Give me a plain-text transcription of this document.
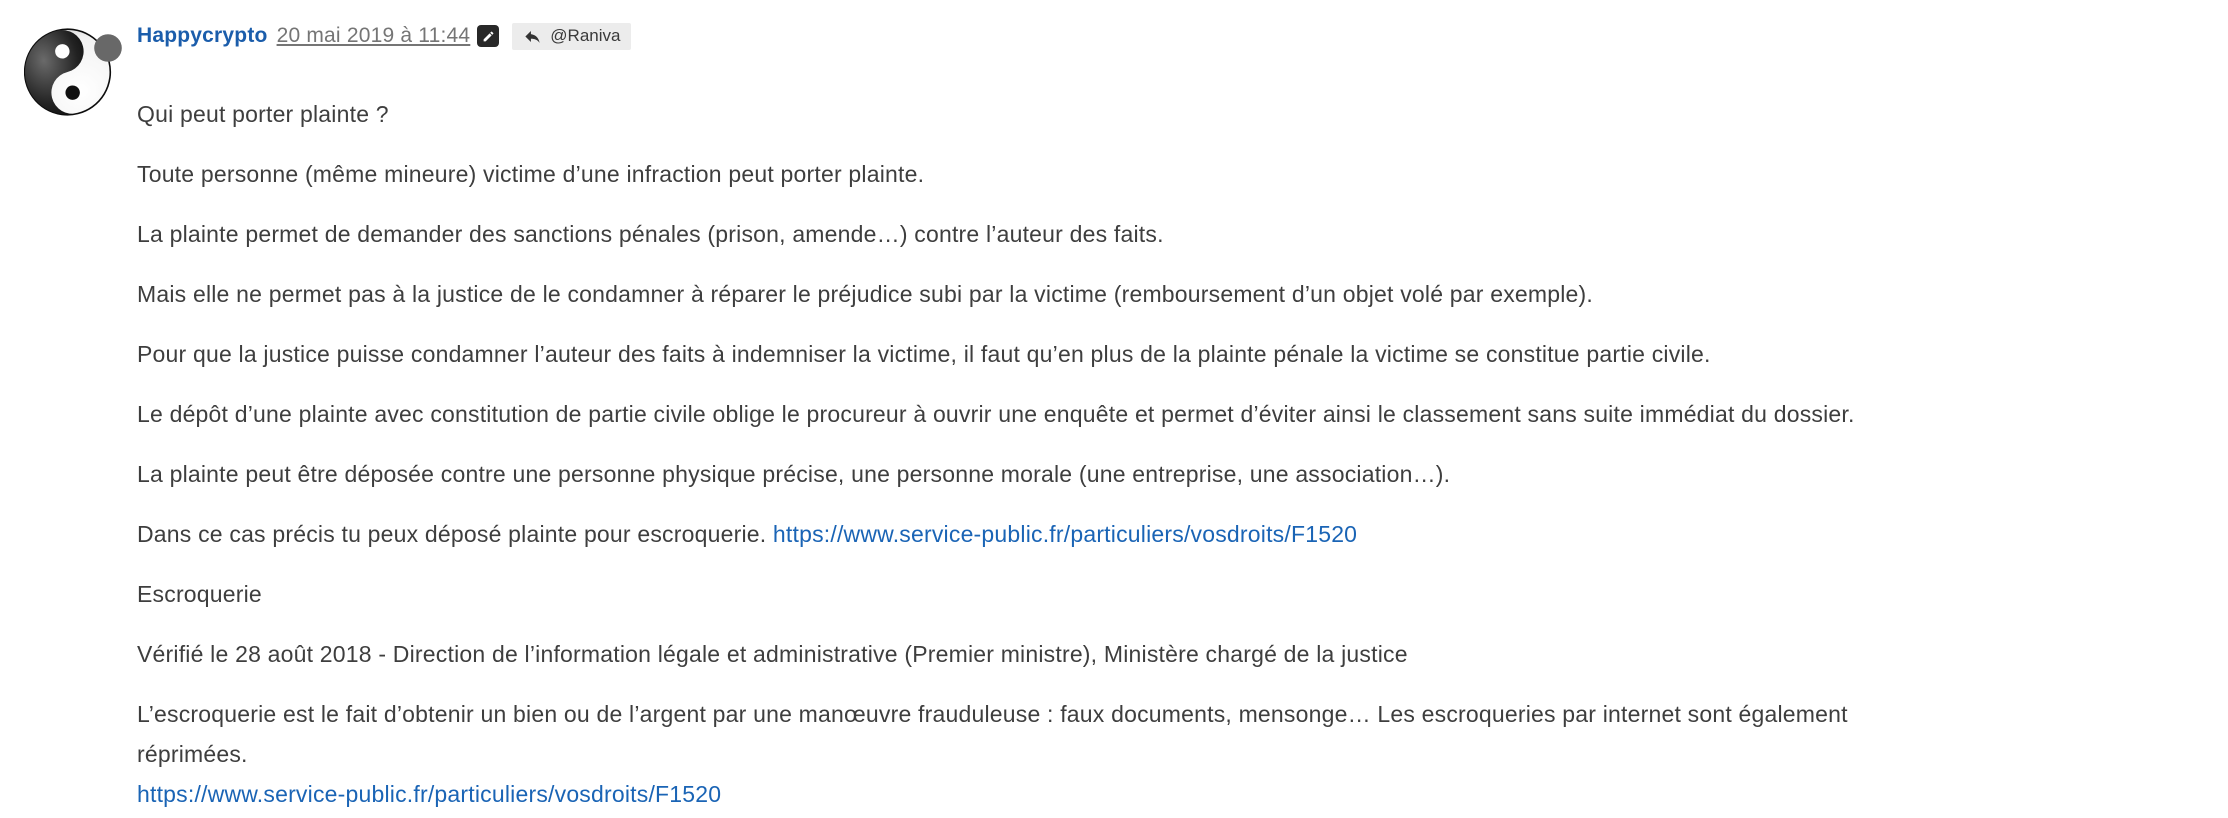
Happycrypto 20 mai 2019 à 11:44	@Raniva

Qui peut porter plainte ?

Toute personne (même mineure) victime d’une infraction peut porter plainte.

La plainte permet de demander des sanctions pénales (prison, amende…) contre l’auteur des faits.

Mais elle ne permet pas à la justice de le condamner à réparer le préjudice subi par la victime (remboursement d’un objet volé par exemple).

Pour que la justice puisse condamner l’auteur des faits à indemniser la victime, il faut qu’en plus de la plainte pénale la victime se constitue partie civile.

Le dépôt d’une plainte avec constitution de partie civile oblige le procureur à ouvrir une enquête et permet d’éviter ainsi le classement sans suite immédiat du dossier.

La plainte peut être déposée contre une personne physique précise, une personne morale (une entreprise, une association…).

Dans ce cas précis tu peux déposé plainte pour escroquerie. https://www.service-public.fr/particuliers/vosdroits/F1520

Escroquerie

Vérifié le 28 août 2018 - Direction de l’information légale et administrative (Premier ministre), Ministère chargé de la justice

L’escroquerie est le fait d’obtenir un bien ou de l’argent par une manœuvre frauduleuse : faux documents, mensonge… Les escroqueries par internet sont également
réprimées.
https://www.service-public.fr/particuliers/vosdroits/F1520
